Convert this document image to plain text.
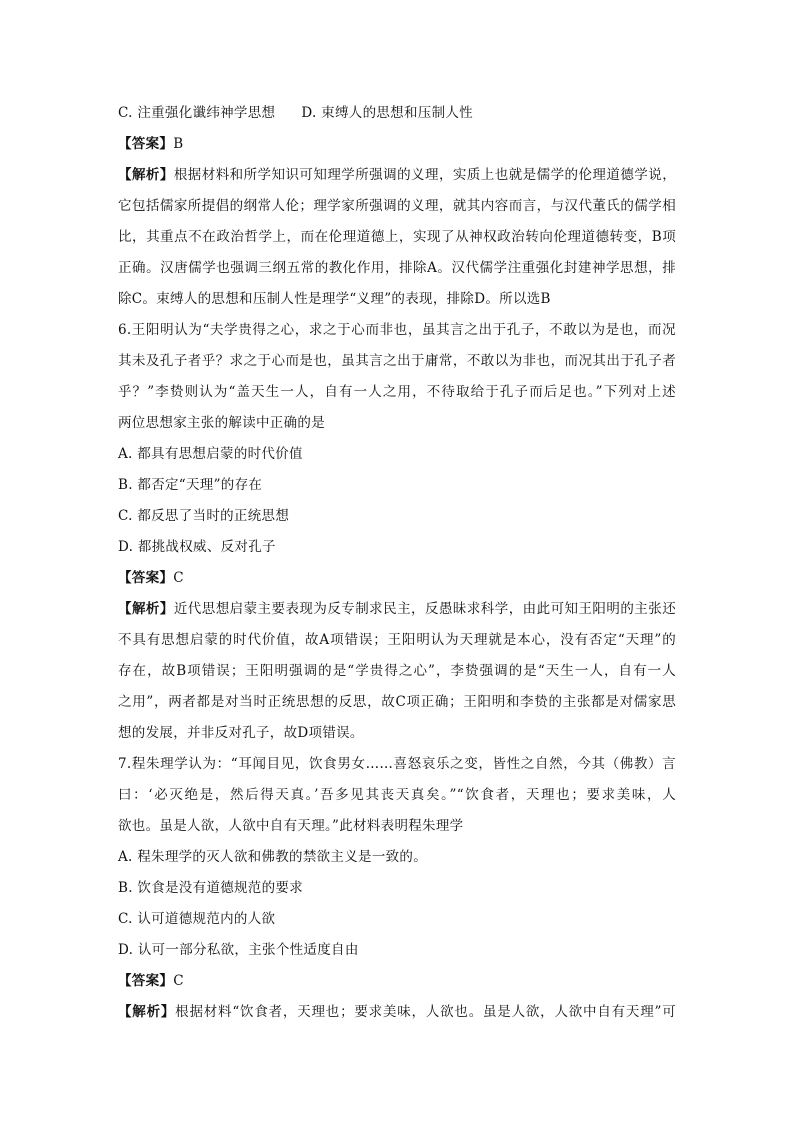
C. 注重强化谶纬神学思想 D. 束缚人的思想和压制人性
【答案】B
【解析】根据材料和所学知识可知理学所强调的义理，实质上也就是儒学的伦理道德学说，
它包括儒家所提倡的纲常人伦；理学家所强调的义理，就其内容而言，与汉代董氏的儒学相
比，其重点不在政治哲学上，而在伦理道德上，实现了从神权政治转向伦理道德转变，B项
正确。汉唐儒学也强调三纲五常的教化作用，排除A。汉代儒学注重强化封建神学思想，排
除C。束缚人的思想和压制人性是理学“义理”的表现，排除D。所以选B
6.王阳明认为“夫学贵得之心，求之于心而非也，虽其言之出于孔子，不敢以为是也，而况
其未及孔子者乎？求之于心而是也，虽其言之出于庸常，不敢以为非也，而况其出于孔子者
乎？”李贽则认为“盖天生一人，自有一人之用，不待取给于孔子而后足也。”下列对上述
两位思想家主张的解读中正确的是
A. 都具有思想启蒙的时代价值
B. 都否定“天理”的存在
C. 都反思了当时的正统思想
D. 都挑战权威、反对孔子
【答案】C
【解析】近代思想启蒙主要表现为反专制求民主，反愚昧求科学，由此可知王阳明的主张还
不具有思想启蒙的时代价值，故A项错误；王阳明认为天理就是本心，没有否定“天理”的
存在，故B项错误；王阳明强调的是“学贵得之心”，李贽强调的是“天生一人，自有一人
之用”，两者都是对当时正统思想的反思，故C项正确；王阳明和李贽的主张都是对儒家思
想的发展，并非反对孔子，故D项错误。
7.程朱理学认为：“耳闻目见，饮食男女……喜怒哀乐之变，皆性之自然，今其（佛教）言
曰：‘必灭绝是，然后得天真。’吾多见其丧天真矣。”“饮食者，天理也；要求美味，人
欲也。虽是人欲，人欲中自有天理。”此材料表明程朱理学
A. 程朱理学的灭人欲和佛教的禁欲主义是一致的。
B. 饮食是没有道德规范的要求
C. 认可道德规范内的人欲
D. 认可一部分私欲，主张个性适度自由
【答案】C
【解析】根据材料“饮食者，天理也；要求美味，人欲也。虽是人欲，人欲中自有天理”可
